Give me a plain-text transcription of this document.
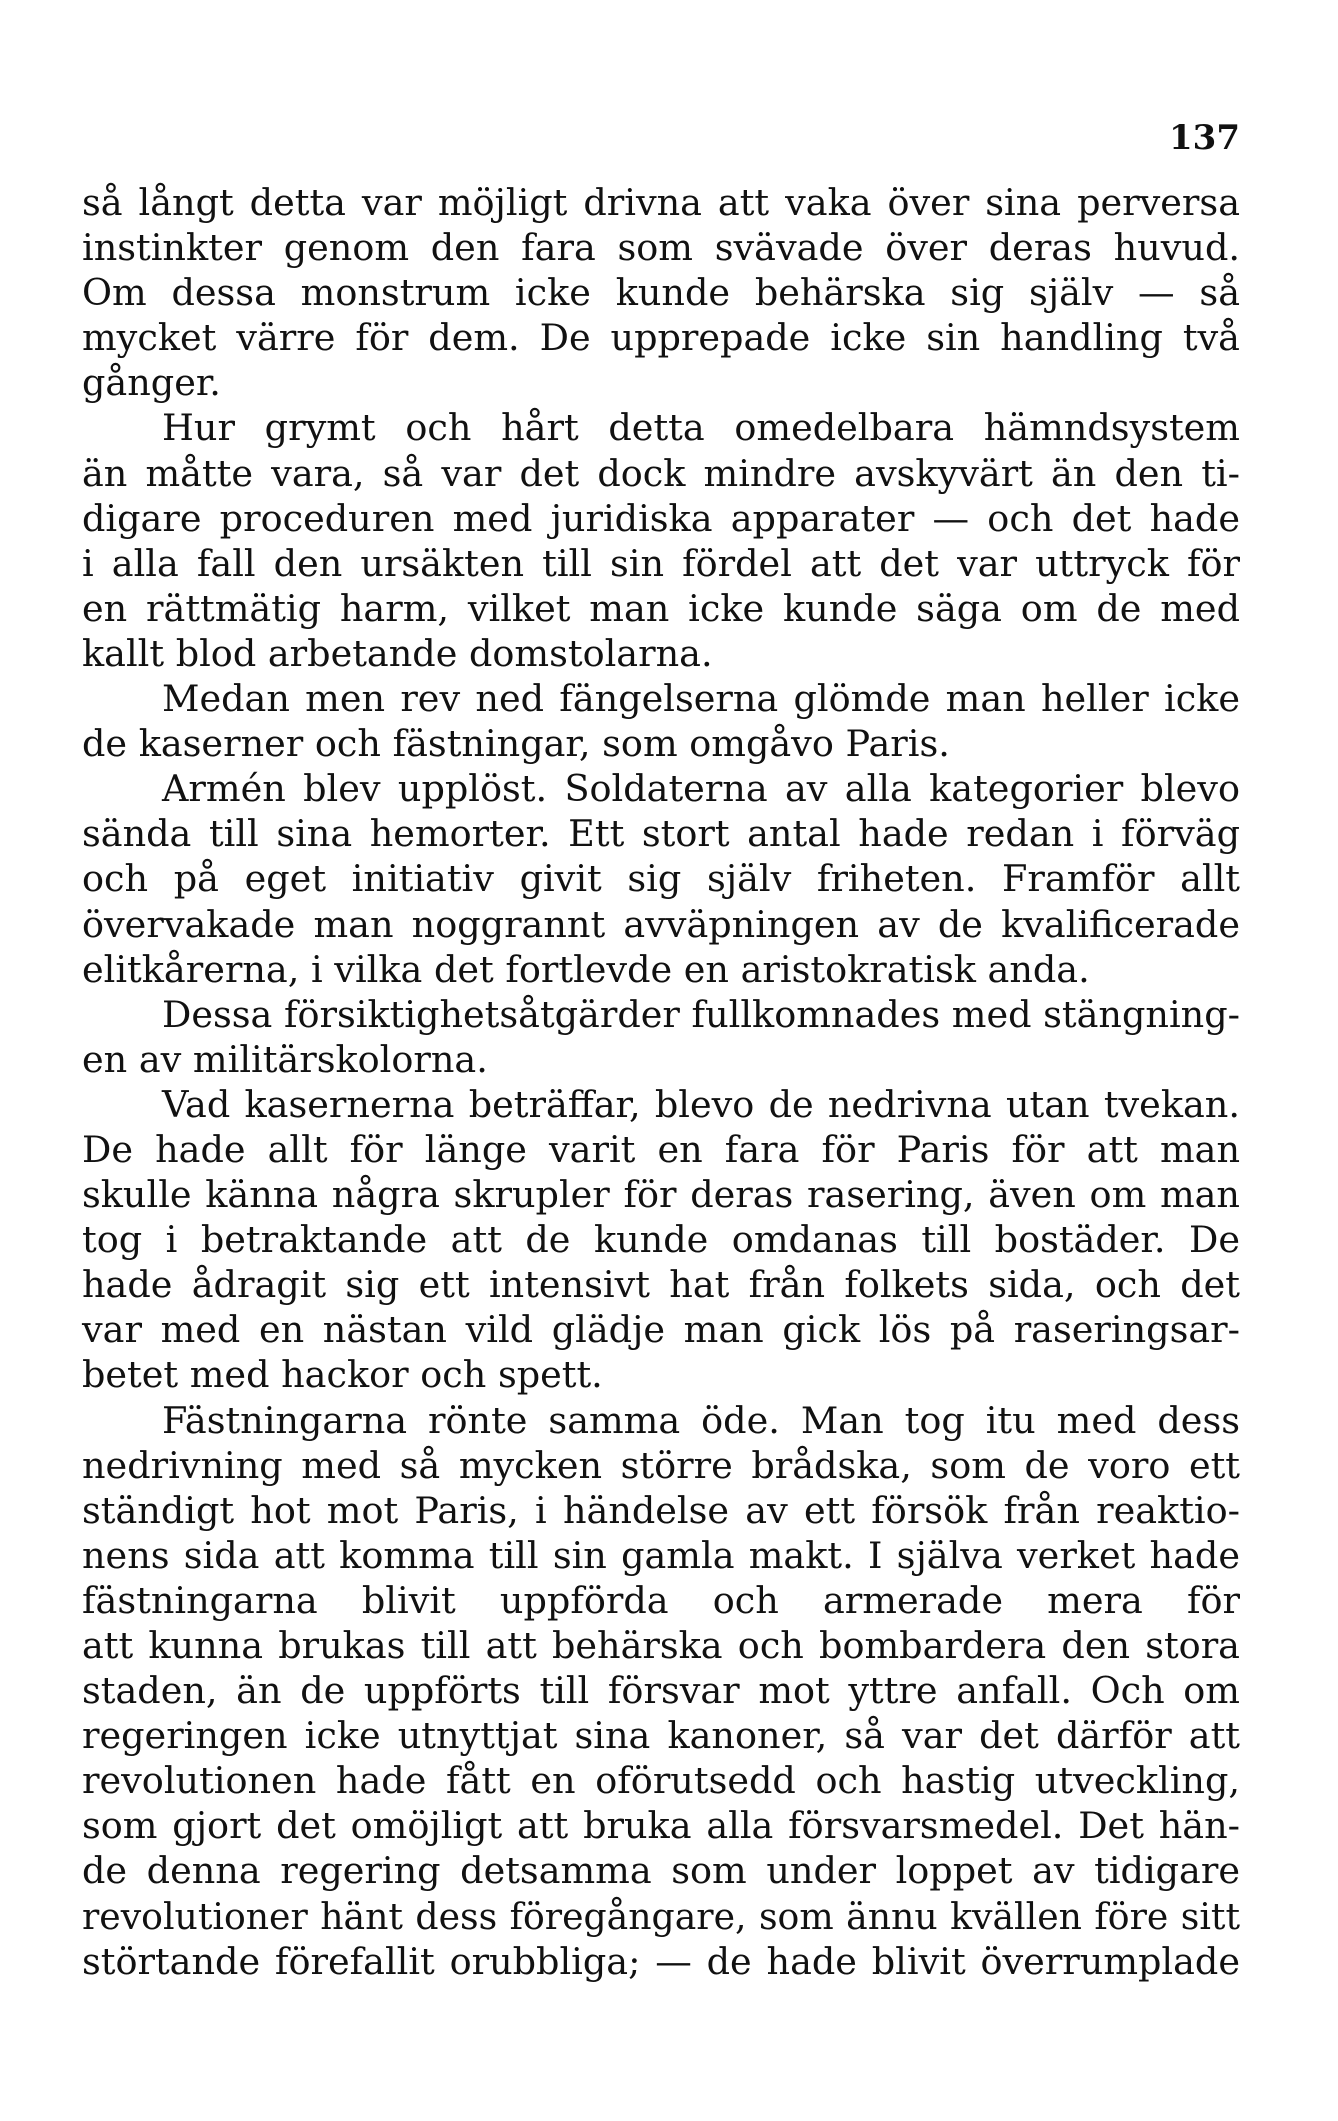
137
så långt detta var möjligt drivna att vaka över sina perversa
instinkter genom den fara som svävade över deras huvud.
Om dessa monstrum icke kunde behärska sig själv — så
mycket värre för dem. De upprepade icke sin handling två
gånger.
Hur grymt och hårt detta omedelbara hämndsystem
än måtte vara, så var det dock mindre avskyvärt än den ti-
digare proceduren med juridiska apparater — och det hade
i alla fall den ursäkten till sin fördel att det var uttryck för
en rättmätig harm, vilket man icke kunde säga om de med
kallt blod arbetande domstolarna.
Medan men rev ned fängelserna glömde man heller icke
de kaserner och fästningar, som omgåvo Paris.
Armén blev upplöst. Soldaterna av alla kategorier blevo
sända till sina hemorter. Ett stort antal hade redan i förväg
och på eget initiativ givit sig själv friheten. Framför allt
övervakade man noggrannt avväpningen av de kvalificerade
elitkårerna, i vilka det fortlevde en aristokratisk anda.
Dessa försiktighetsåtgärder fullkomnades med stängning-
en av militärskolorna.
Vad kasernerna beträffar, blevo de nedrivna utan tvekan.
De hade allt för länge varit en fara för Paris för att man
skulle känna några skrupler för deras rasering, även om man
tog i betraktande att de kunde omdanas till bostäder. De
hade ådragit sig ett intensivt hat från folkets sida, och det
var med en nästan vild glädje man gick lös på raseringsar-
betet med hackor och spett.
Fästningarna rönte samma öde. Man tog itu med dess
nedrivning med så mycken större brådska, som de voro ett
ständigt hot mot Paris, i händelse av ett försök från reaktio-
nens sida att komma till sin gamla makt. I själva verket hade
fästningarna blivit uppförda och armerade mera för
att kunna brukas till att behärska och bombardera den stora
staden, än de uppförts till försvar mot yttre anfall. Och om
regeringen icke utnyttjat sina kanoner, så var det därför att
revolutionen hade fått en oförutsedd och hastig utveckling,
som gjort det omöjligt att bruka alla försvarsmedel. Det hän-
de denna regering detsamma som under loppet av tidigare
revolutioner hänt dess föregångare, som ännu kvällen före sitt
störtande förefallit orubbliga; — de hade blivit överrumplade
